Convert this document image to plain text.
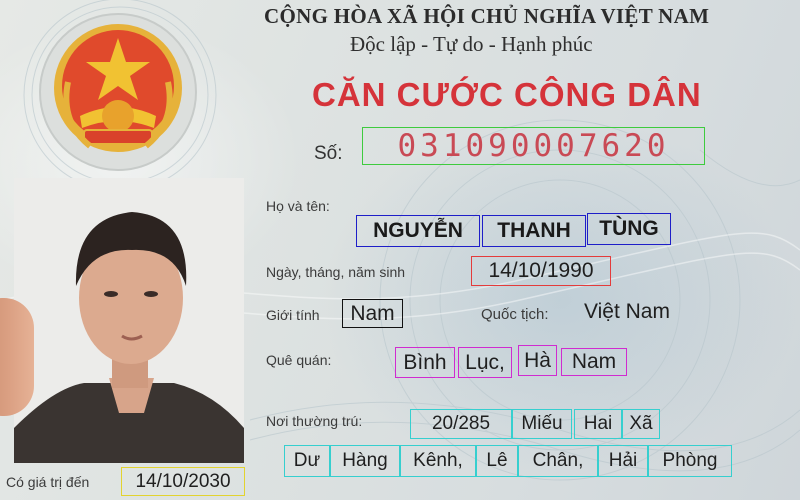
CỘNG HÒA XÃ HỘI CHỦ NGHĨA VIỆT NAM

Độc lập - Tự do - Hạnh phúc

CĂN CƯỚC CÔNG DÂN

Số:	031090007620

Họ và tên:

NGUYỄN	THANH	TÙNG

Ngày, tháng, năm sinh	14/10/1990

Giới tính	Nam	Quốc tịch: Việt Nam

Quê quán:	Bình Lục, Hà Nam

Nơi thường trú:	20/285	Miếu	Hai Xã
Dư	Hàng	Kênh,	Lê	Chân,	Hải	Phòng

Có giá trị đến	14/10/2030
